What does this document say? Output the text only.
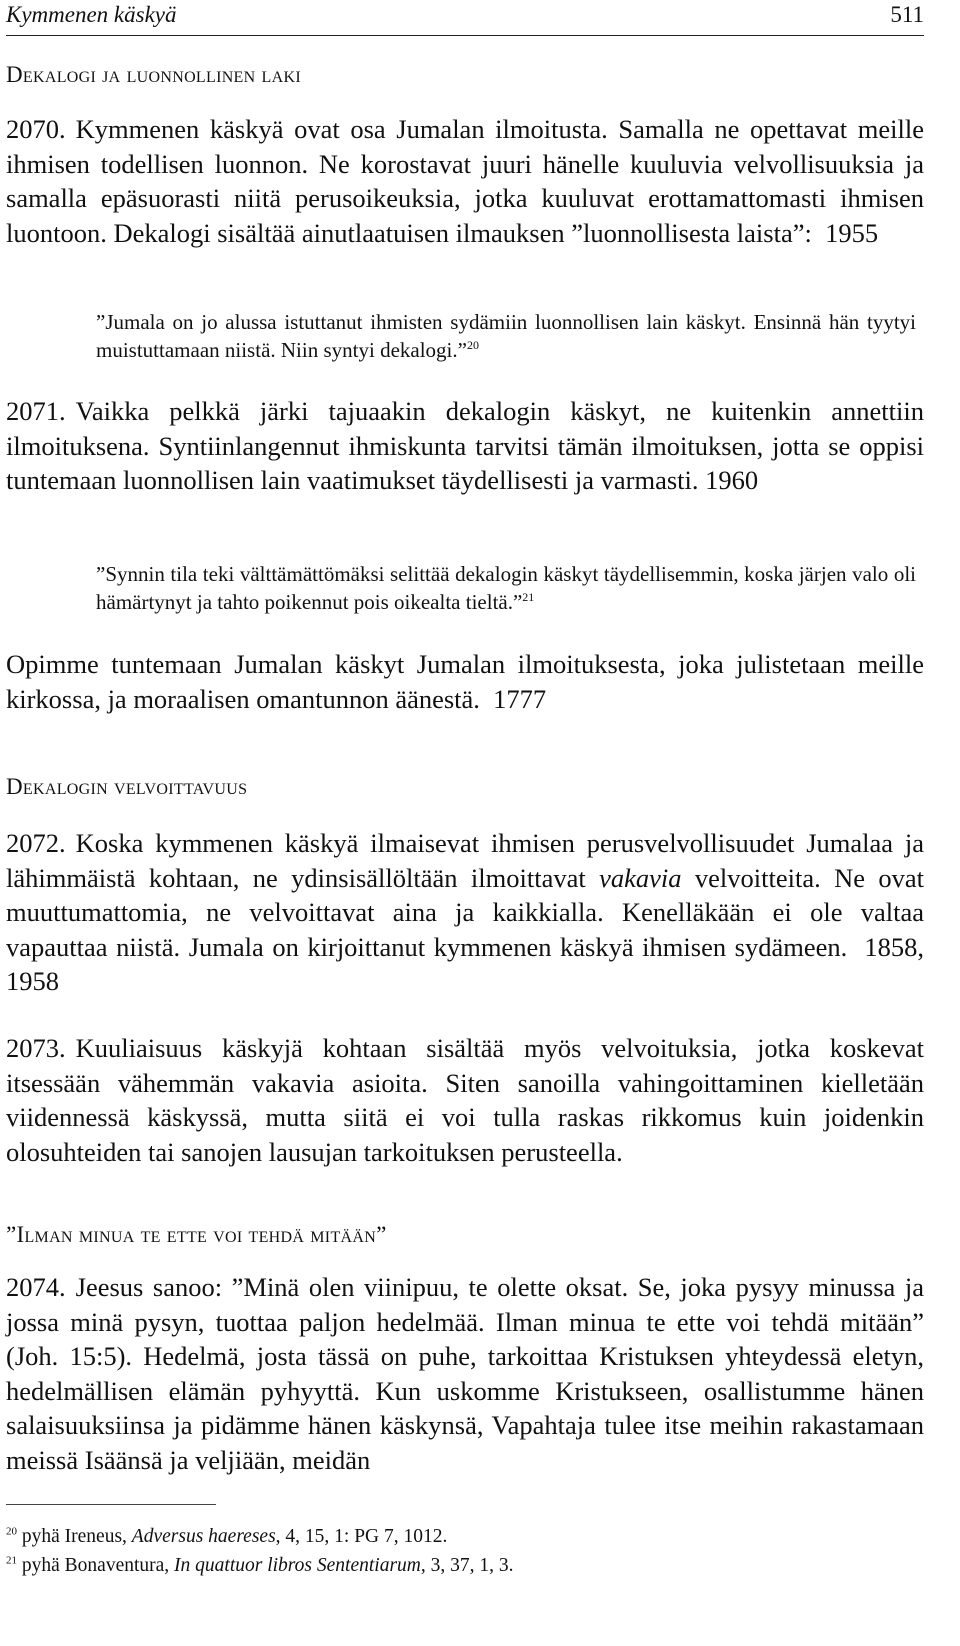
Kymmenen käskyä	511
Dekalogi ja luonnollinen laki
2070. Kymmenen käskyä ovat osa Jumalan ilmoitusta. Samalla ne opettavat meille ihmisen todellisen luonnon. Ne korostavat juuri hänelle kuuluvia velvollisuuksia ja samalla epäsuorasti niitä perusoikeuksia, jotka kuuluvat erottamattomasti ihmisen luontoon. Dekalogi sisältää ainutlaatuisen ilmauksen ”luonnollisesta laista”: 1955
”Jumala on jo alussa istuttanut ihmisten sydämiin luonnollisen lain käskyt. Ensinnä hän tyytyi muistuttamaan niistä. Niin syntyi dekalogi.”$^{20}$
2071. Vaikka pelkkä järki tajuaakin dekalogin käskyt, ne kuitenkin annettiin ilmoituksena. Syntiinlangennut ihmiskunta tarvitsi tämän ilmoituksen, jotta se oppisi tuntemaan luonnollisen lain vaatimukset täydellisesti ja varmasti. 1960
”Synnin tila teki välttämättömäksi selittää dekalogin käskyt täydellisemmin, koska järjen valo oli hämärtynyt ja tahto poikennut pois oikealta tieltä.”$^{21}$
Opimme tuntemaan Jumalan käskyt Jumalan ilmoituksesta, joka julistetaan meille kirkossa, ja moraalisen omantunnon äänestä. 1777
Dekalogin velvoittavuus
2072. Koska kymmenen käskyä ilmaisevat ihmisen perusvelvollisuudet Jumalaa ja lähimmäistä kohtaan, ne ydinsisällöltään ilmoittavat vakavia velvoitteita. Ne ovat muuttumattomia, ne velvoittavat aina ja kaikkialla. Kenelläkään ei ole valtaa vapauttaa niistä. Jumala on kirjoittanut kymmenen käskyä ihmisen sydämeen. 1858, 1958
2073. Kuuliaisuus käskyjä kohtaan sisältää myös velvoituksia, jotka koskevat itsessään vähemmän vakavia asioita. Siten sanoilla vahingoittaminen kielletään viidennessä käskyssä, mutta siitä ei voi tulla raskas rikkomus kuin joidenkin olosuhteiden tai sanojen lausujan tarkoituksen perusteella.
”Ilman minua te ette voi tehdä mitään”
2074. Jeesus sanoo: ”Minä olen viinipuu, te olette oksat. Se, joka pysyy minussa ja jossa minä pysyn, tuottaa paljon hedelmää. Ilman minua te ette voi tehdä mitään” (Joh. 15:5). Hedelmä, josta tässä on puhe, tarkoittaa Kristuksen yhteydessä eletyn, hedelmällisen elämän pyhyyttä. Kun uskomme Kristukseen, osallistumme hänen salaisuuksiinsa ja pidämme hänen käskynsä, Vapahtaja tulee itse meihin rakastamaan meissä Isäänsä ja veljiään, meidän
$^{20}$ pyhä Ireneus, Adversus haereses, 4, 15, 1: PG 7, 1012.
$^{21}$ pyhä Bonaventura, In quattuor libros Sententiarum, 3, 37, 1, 3.
